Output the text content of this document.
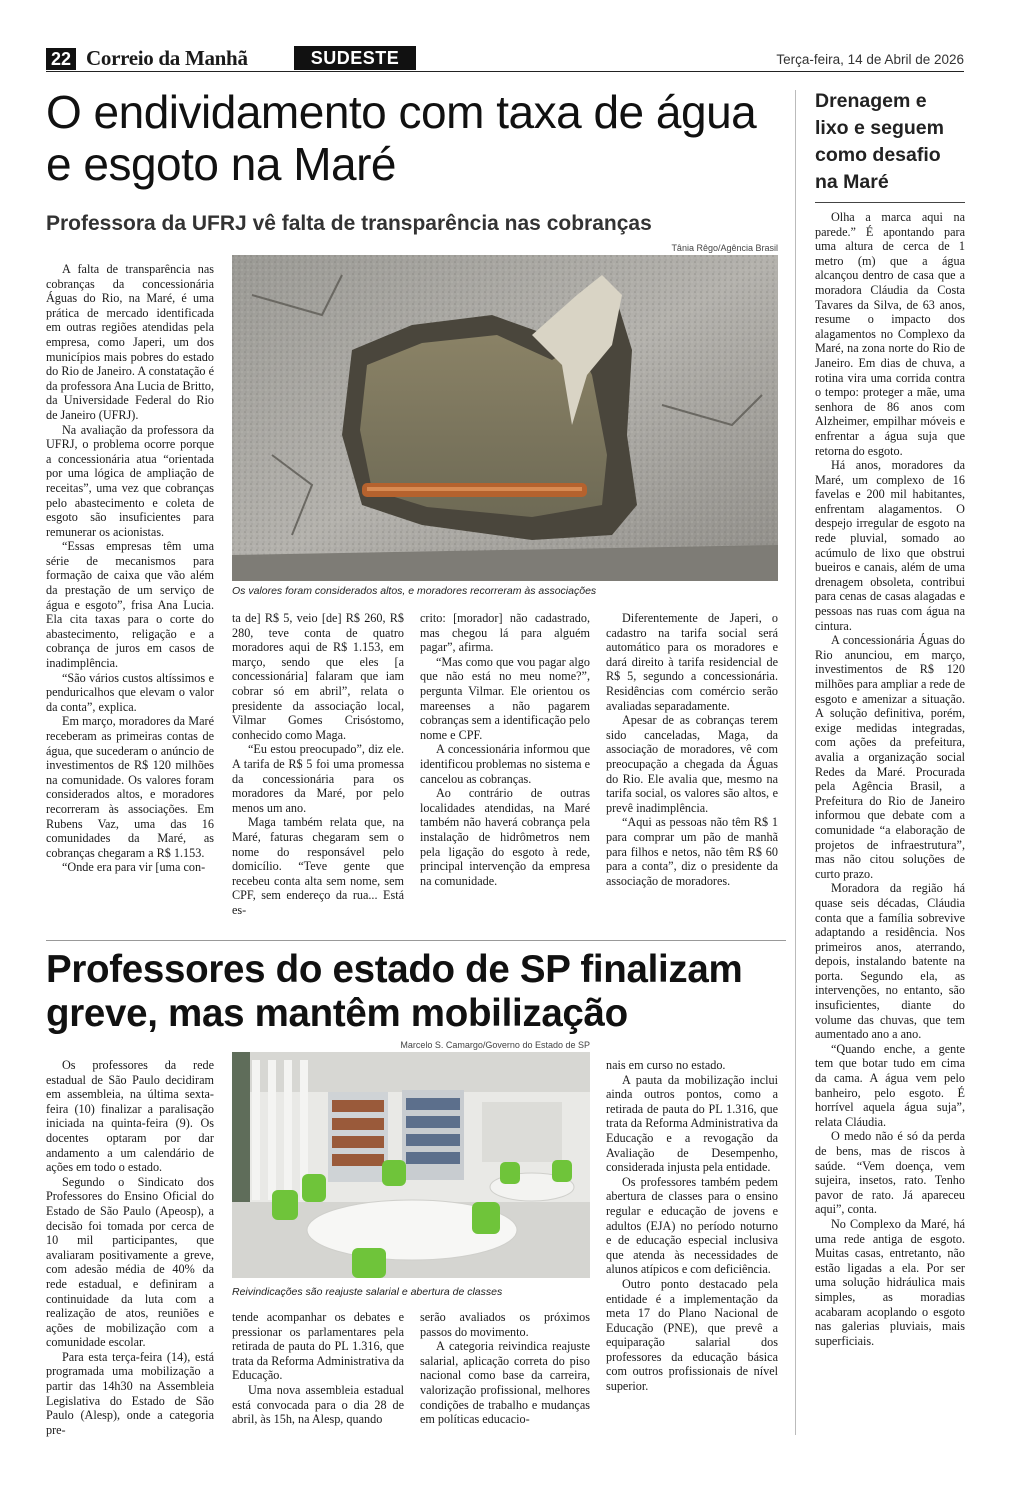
22 Correio da Manhã	SUDESTE	Terça-feira, 14 de Abril de 2026
O endividamento com taxa de água e esgoto na Maré
Professora da UFRJ vê falta de transparência nas cobranças
Drenagem e lixo e seguem como desafio na Maré
Tânia Rêgo/Agência Brasil
Os valores foram considerados altos, e moradores recorreram às associações

A falta de transparência nas cobranças da concessionária Águas do Rio, na Maré, é uma prática de mercado identificada em outras regiões atendidas pela empresa, como Japeri, um dos municípios mais pobres do estado do Rio de Janeiro. A constatação é da professora Ana Lucia de Britto, da Universidade Federal do Rio de Janeiro (UFRJ).

Na avaliação da professora da UFRJ, o problema ocorre porque a concessionária atua “orientada por uma lógica de ampliação de receitas”, uma vez que cobranças pelo abastecimento e coleta de esgoto são insuficientes para remunerar os acionistas.

“Essas empresas têm uma série de mecanismos para formação de caixa que vão além da prestação de um serviço de água e esgoto”, frisa Ana Lucia. Ela cita taxas para o corte do abastecimento, religação e a cobrança de juros em casos de inadimplência.

“São vários custos altíssimos e penduricalhos que elevam o valor da conta”, explica.

Em março, moradores da Maré receberam as primeiras contas de água, que sucederam o anúncio de investimentos de R$ 120 milhões na comunidade. Os valores foram considerados altos, e moradores recorreram às associações. Em Rubens Vaz, uma das 16 comunidades da Maré, as cobranças chegaram a R$ 1.153.

“Onde era para vir [uma con-

ta de] R$ 5, veio [de] R$ 260, R$ 280, teve conta de quatro moradores aqui de R$ 1.153, em março, sendo que eles [a concessionária] falaram que iam cobrar só em abril”, relata o presidente da associação local, Vilmar Gomes Crisóstomo, conhecido como Maga.

“Eu estou preocupado”, diz ele. A tarifa de R$ 5 foi uma promessa da concessionária para os moradores da Maré, por pelo menos um ano.

Maga também relata que, na Maré, faturas chegaram sem o nome do responsável pelo domicílio. “Teve gente que recebeu conta alta sem nome, sem CPF, sem endereço da rua... Está es-

crito: [morador] não cadastrado, mas chegou lá para alguém pagar”, afirma.

“Mas como que vou pagar algo que não está no meu nome?”, pergunta Vilmar. Ele orientou os mareenses a não pagarem cobranças sem a identificação pelo nome e CPF.

A concessionária informou que identificou problemas no sistema e cancelou as cobranças.

Ao contrário de outras localidades atendidas, na Maré também não haverá cobrança pela instalação de hidrômetros nem pela ligação do esgoto à rede, principal intervenção da empresa na comunidade.

Diferentemente de Japeri, o cadastro na tarifa social será automático para os moradores e dará direito à tarifa residencial de R$ 5, segundo a concessionária. Residências com comércio serão avaliadas separadamente.

Apesar de as cobranças terem sido canceladas, Maga, da associação de moradores, vê com preocupação a chegada da Águas do Rio. Ele avalia que, mesmo na tarifa social, os valores são altos, e prevê inadimplência.

“Aqui as pessoas não têm R$ 1 para comprar um pão de manhã para filhos e netos, não têm R$ 60 para a conta”, diz o presidente da associação de moradores.

Olha a marca aqui na parede.” É apontando para uma altura de cerca de 1 metro (m) que a água alcançou dentro de casa que a moradora Cláudia da Costa Tavares da Silva, de 63 anos, resume o impacto dos alagamentos no Complexo da Maré, na zona norte do Rio de Janeiro. Em dias de chuva, a rotina vira uma corrida contra o tempo: proteger a mãe, uma senhora de 86 anos com Alzheimer, empilhar móveis e enfrentar a água suja que retorna do esgoto.

Há anos, moradores da Maré, um complexo de 16 favelas e 200 mil habitantes, enfrentam alagamentos. O despejo irregular de esgoto na rede pluvial, somado ao acúmulo de lixo que obstrui bueiros e canais, além de uma drenagem obsoleta, contribui para cenas de casas alagadas e pessoas nas ruas com água na cintura.

A concessionária Águas do Rio anunciou, em março, investimentos de R$ 120 milhões para ampliar a rede de esgoto e amenizar a situação. A solução definitiva, porém, exige medidas integradas, com ações da prefeitura, avalia a organização social Redes da Maré. Procurada pela Agência Brasil, a Prefeitura do Rio de Janeiro informou que debate com a comunidade “a elaboração de projetos de infraestrutura”, mas não citou soluções de curto prazo.

Moradora da região há quase seis décadas, Cláudia conta que a família sobrevive adaptando a residência. Nos primeiros anos, aterrando, depois, instalando batente na porta. Segundo ela, as intervenções, no entanto, são insuficientes, diante do volume das chuvas, que tem aumentado ano a ano.

“Quando enche, a gente tem que botar tudo em cima da cama. A água vem pelo banheiro, pelo esgoto. É horrível aquela água suja”, relata Cláudia.

O medo não é só da perda de bens, mas de riscos à saúde. “Vem doença, vem sujeira, insetos, rato. Tenho pavor de rato. Já apareceu aqui”, conta.

No Complexo da Maré, há uma rede antiga de esgoto. Muitas casas, entretanto, não estão ligadas a ela. Por ser uma solução hidráulica mais simples, as moradias acabaram acoplando o esgoto nas galerias pluviais, mais superficiais.

Professores do estado de SP finalizam greve, mas mantêm mobilização
Marcelo S. Camargo/Governo do Estado de SP
Reivindicações são reajuste salarial e abertura de classes

Os professores da rede estadual de São Paulo decidiram em assembleia, na última sexta-feira (10) finalizar a paralisação iniciada na quinta-feira (9). Os docentes optaram por dar andamento a um calendário de ações em todo o estado.

Segundo o Sindicato dos Professores do Ensino Oficial do Estado de São Paulo (Apeosp), a decisão foi tomada por cerca de 10 mil participantes, que avaliaram positivamente a greve, com adesão média de 40% da rede estadual, e definiram a continuidade da luta com a realização de atos, reuniões e ações de mobilização com a comunidade escolar.

Para esta terça-feira (14), está programada uma mobilização a partir das 14h30 na Assembleia Legislativa do Estado de São Paulo (Alesp), onde a categoria pre-

tende acompanhar os debates e pressionar os parlamentares pela retirada de pauta do PL 1.316, que trata da Reforma Administrativa da Educação.

Uma nova assembleia estadual está convocada para o dia 28 de abril, às 15h, na Alesp, quando

serão avaliados os próximos passos do movimento.

A categoria reivindica reajuste salarial, aplicação correta do piso nacional como base da carreira, valorização profissional, melhores condições de trabalho e mudanças em políticas educacio-

nais em curso no estado.

A pauta da mobilização inclui ainda outros pontos, como a retirada de pauta do PL 1.316, que trata da Reforma Administrativa da Educação e a revogação da Avaliação de Desempenho, considerada injusta pela entidade.

Os professores também pedem abertura de classes para o ensino regular e educação de jovens e adultos (EJA) no período noturno e de educação especial inclusiva que atenda às necessidades de alunos atípicos e com deficiência.

Outro ponto destacado pela entidade é a implementação da meta 17 do Plano Nacional de Educação (PNE), que prevê a equiparação salarial dos professores da educação básica com outros profissionais de nível superior.
